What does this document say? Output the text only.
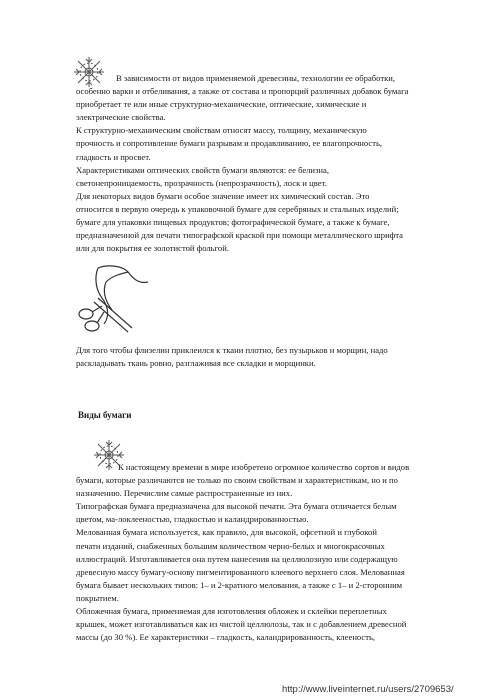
В зависимости от видов применяемой древесины, технологии ее обработки,
особенно варки и отбеливания, а также от состава и пропорций различных добавок бумага
приобретает те или иные структурно-механические, оптические, химические и
электрические свойства.
К структурно-механическим свойствам относят массу, толщину, механическую
прочность и сопротивление бумаги разрывам и продавливанию, ее влагопрочность,
гладкость и просвет.
Характеристиками оптических свойств бумаги являются: ее белизна,
светонепроницаемость, прозрачность (непрозрачность), лоск и цвет.
Для некоторых видов бумаги особое значение имеет их химический состав. Это
относится в первую очередь к упаковочной бумаге для серебряных и стальных изделий;
бумаге для упаковки пищевых продуктов; фотографической бумаге, а также к бумаге,
предназначенной для печати типографской краской при помощи металлического шрифта
или для покрытия ее золотистой фольгой.
Для того чтобы флизелин приклеился к ткани плотно, без пузырьков и морщин, надо
раскладывать ткань ровно, разглаживая все складки и морщинки.

Виды бумаги

К настоящему времени в мире изобретено огромное количество сортов и видов
бумаги, которые различаются не только по своим свойствам и характеристикам, но и по
назначению. Перечислим самые распространенные из них.
Типографская бумага предназначена для высокой печати. Эта бумага отличается белым
цветом, ма-локлееностью, гладкостью и каландрированностью.
Мелованная бумага используется, как правило, для высокой, офсетной и глубокой
печати изданий, снабженных большим количеством черно-белых и многокрасочных
иллюстраций. Изготавливается она путем нанесения на целлюлозную или содержащую
древесную массу бумагу-основу пигментированного клеевого верхнего слоя. Мелованная
бумага бывает нескольких типов: 1– и 2-кратного мелования, а также с 1– и 2-сторонним
покрытием.
Обложечная бумага, применяемая для изготовления обложек и склейки переплетных
крышек, может изготавливаться как из чистой целлюлозы, так и с добавлением древесной
массы (до 30 %). Ее характеристики – гладкость, каландрированность, клееность,
http://www.liveinternet.ru/users/2709653/
